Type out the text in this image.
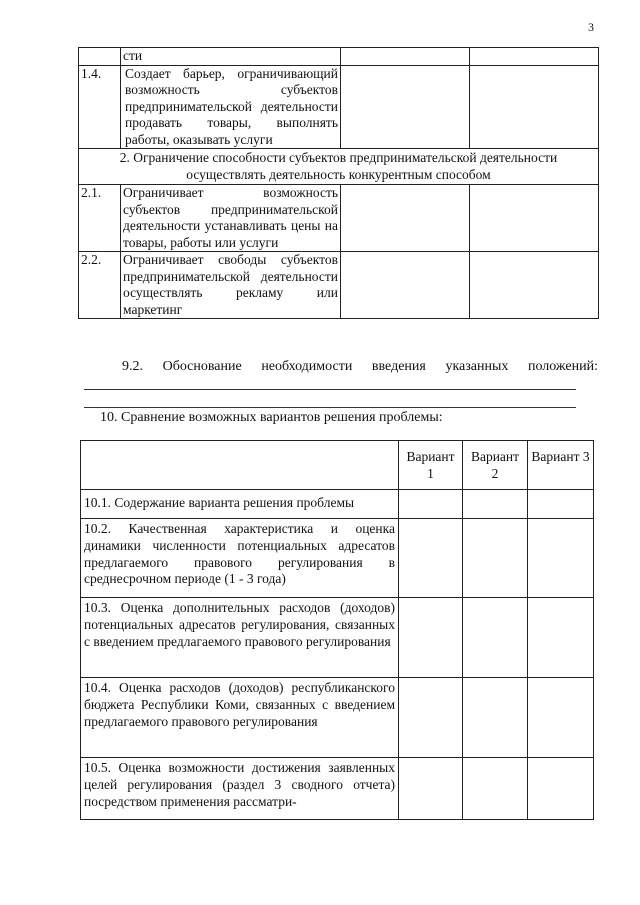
3
	сти		
1.4.	Создает барьер, ограничивающий возможность субъектов предпринимательской деятельности продавать товары, выполнять работы, оказывать услуги		
2. Ограничение способности субъектов предпринимательской деятельности осуществлять деятельность конкурентным способом			
2.1.	Ограничивает возможность субъектов предпринимательской деятельности устанавливать цены на товары, работы или услуги		
2.2.	Ограничивает свободы субъектов предпринимательской деятельности осуществлять рекламу или маркетинг		
9.2. Обоснование необходимости введения указанных положений:
10. Сравнение возможных вариантов решения проблемы:
	Вариант 1	Вариант 2	Вариант 3
10.1. Содержание варианта решения проблемы			
10.2. Качественная характеристика и оценка динамики численности потенциальных адресатов предлагаемого правового регулирования в среднесрочном периоде (1 - 3 года)			
10.3. Оценка дополнительных расходов (доходов) потенциальных адресатов регулирования, связанных с введением предлагаемого правового регулирования			
10.4. Оценка расходов (доходов) республиканского бюджета Республики Коми, связанных с введением предлагаемого правового регулирования			
10.5. Оценка возможности достижения заявленных целей регулирования (раздел 3 сводного отчета) посредством применения рассматри-			
